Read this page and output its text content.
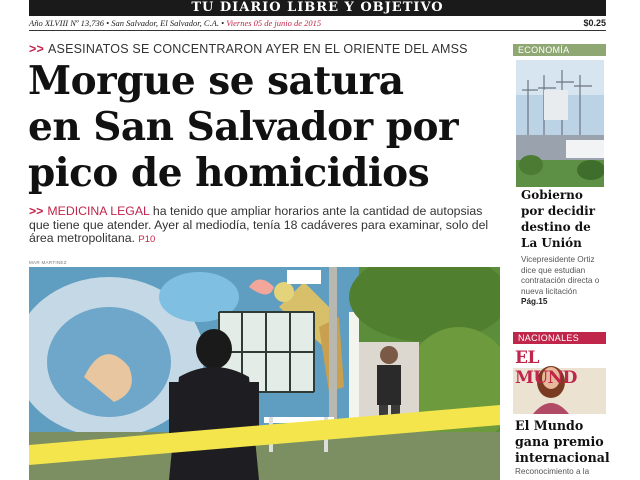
TU DIARIO LIBRE Y OBJETIVO
Año XLVIII Nº 13,736 • San Salvador, El Salvador, C.A. • Viernes 05 de junio de 2015	$0.25
>> ASESINATOS SE CONCENTRARON AYER EN EL ORIENTE DEL AMSS
Morgue se satura
en San Salvador por
pico de homicidios
>> MEDICINA LEGAL ha tenido que ampliar horarios ante la cantidad de autopsias que tiene que atender. Ayer al mediodía, tenía 18 cadáveres para examinar, solo del área metropolitana. P10
MAR MARTINEZ
ECONOMÍA
Gobierno por decidir destino de La Unión
Vicepresidente Ortiz dice que estudian contratación directa o nueva licitación Pág.15
NACIONALES
EL MUND
El Mundo gana premio internacional
Reconocimiento a la
